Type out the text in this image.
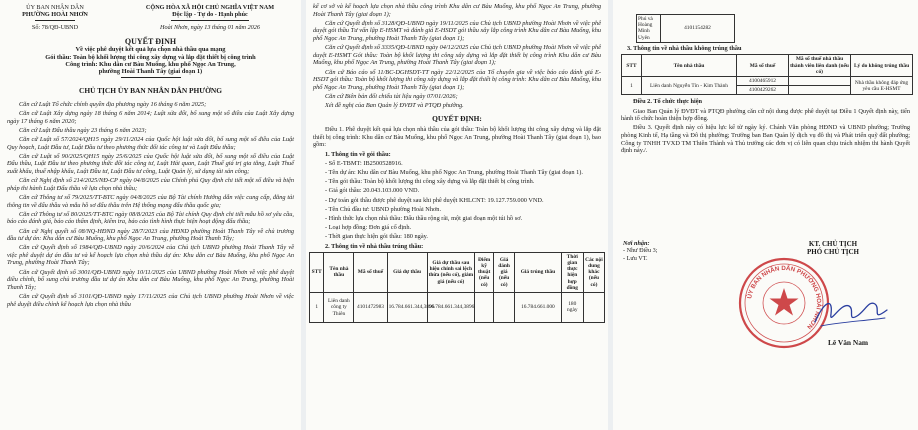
ỦY BAN NHÂN DÂN
PHƯỜNG HOÀI NHƠN
Số: 78/QĐ-UBND
CỘNG HÒA XÃ HỘI CHỦ NGHĨA VIỆT NAM
Độc lập - Tự do - Hạnh phúc
Hoài Nhơn, ngày 13 tháng 01 năm 2026
QUYẾT ĐỊNH
Về việc phê duyệt kết quả lựa chọn nhà thầu qua mạng
Gói thầu: Toàn bộ khối lượng thi công xây dựng và lắp đặt thiết bị công trình
Công trình: Khu dân cư Bàu Muống, khu phố Ngọc An Trung,
phường Hoài Thanh Tây (giai đoạn 1)
CHỦ TỊCH ỦY BAN NHÂN DÂN PHƯỜNG

Căn cứ Luật Tổ chức chính quyền địa phương ngày 16 tháng 6 năm 2025;

Căn cứ Luật Xây dựng ngày 18 tháng 6 năm 2014; Luật sửa đổi, bổ sung một số điều của Luật Xây dựng ngày 17 tháng 6 năm 2020;

Căn cứ Luật Đấu thầu ngày 23 tháng 6 năm 2023;

Căn cứ Luật số 57/2024/QH15 ngày 29/11/2024 của Quốc hội luật sửa đổi, bổ sung một số điều của Luật Quy hoạch, Luật Đầu tư, Luật Đầu tư theo phương thức đối tác công tư và Luật Đấu thầu;

Căn cứ Luật số 90/2025/QH15 ngày 25/6/2025 của Quốc hội luật sửa đổi, bổ sung một số điều của Luật Đấu thầu, Luật Đầu tư theo phương thức đối tác công tư, Luật Hải quan, Luật Thuế giá trị gia tăng, Luật Thuế xuất khẩu, thuế nhập khẩu, Luật Đầu tư, Luật Đầu tư công, Luật Quản lý, sử dụng tài sản công;

Căn cứ Nghị định số 214/2025/NĐ-CP ngày 04/8/2025 của Chính phủ Quy định chi tiết một số điều và biện pháp thi hành Luật Đấu thầu về lựa chọn nhà thầu;

Căn cứ Thông tư số 79/2025/TT-BTC ngày 04/8/2025 của Bộ Tài chính Hướng dẫn việc cung cấp, đăng tải thông tin về đấu thầu và mẫu hồ sơ đấu thầu trên Hệ thống mạng đấu thầu quốc gia;

Căn cứ Thông tư số 80/2025/TT-BTC ngày 08/8/2025 của Bộ Tài chính Quy định chi tiết mẫu hồ sơ yêu cầu, báo cáo đánh giá, báo cáo thẩm định, kiểm tra, báo cáo tình hình thực hiện hoạt động đấu thầu;

Căn cứ Nghị quyết số 08/NQ-HĐND ngày 28/7/2023 của HĐND phường Hoài Thanh Tây về chủ trương đầu tư dự án: Khu dân cư Bàu Muống, khu phố Ngọc An Trung, phường Hoài Thanh Tây;

Căn cứ Quyết định số 1984/QĐ-UBND ngày 20/6/2024 của Chủ tịch UBND phường Hoài Thanh Tây về việc phê duyệt dự án đầu tư và kế hoạch lựa chọn nhà thầu dự án: Khu dân cư Bàu Muống, khu phố Ngọc An Trung, phường Hoài Thanh Tây;

Căn cứ Quyết định số 3001/QĐ-UBND ngày 10/11/2025 của UBND phường Hoài Nhơn về việc phê duyệt điều chỉnh, bổ sung chủ trương đầu tư dự án Khu dân cư Bàu Muống, khu phố Ngọc An Trung, phường Hoài Thanh Tây;

Căn cứ Quyết định số 3101/QĐ-UBND ngày 17/11/2025 của Chủ tịch UBND phường Hoài Nhơn về việc phê duyệt điều chỉnh kế hoạch lựa chọn nhà thầu

kế cơ sở và kế hoạch lựa chọn nhà thầu công trình Khu dân cư Bàu Muống, khu phố Ngọc An Trung, phường Hoài Thanh Tây (giai đoạn 1);

Căn cứ Quyết định số 3128/QĐ-UBND ngày 19/11/2025 của Chủ tịch UBND phường Hoài Nhơn về việc phê duyệt gói thầu Tư vấn lập E-HSMT và đánh giá E-HSDT gói thầu xây lắp công trình Khu dân cư Bàu Muống, khu phố Ngọc An Trung, phường Hoài Thanh Tây (giai đoạn 1);

Căn cứ Quyết định số 3335/QĐ-UBND ngày 04/12/2025 của Chủ tịch UBND phường Hoài Nhơn về việc phê duyệt E-HSMT Gói thầu: Toàn bộ khối lượng thi công xây dựng và lắp đặt thiết bị công trình Khu dân cư Bàu Muống, khu phố Ngọc An Trung, phường Hoài Thanh Tây (giai đoạn 1);

Căn cứ Báo cáo số 11/BC-DGHSDT-TT ngày 22/12/2025 của Tổ chuyên gia về việc báo cáo đánh giá E-HSDT gói thầu: Toàn bộ khối lượng thi công xây dựng và lắp đặt thiết bị công trình: Khu dân cư Bàu Muống, khu phố Ngọc An Trung, phường Hoài Thanh Tây (giai đoạn 1);

Căn cứ Biên bản đối chiếu tài liệu ngày 07/01/2026;

Xét đề nghị của Ban Quản lý ĐVĐT và PTQĐ phường.

QUYẾT ĐỊNH:

Điều 1. Phê duyệt kết quả lựa chọn nhà thầu của gói thầu: Toàn bộ khối lượng thi công xây dựng và lắp đặt thiết bị công trình: Khu dân cư Bàu Muống, khu phố Ngọc An Trung, phường Hoài Thanh Tây (giai đoạn 1), bao gồm:

1. Thông tin về gói thầu:

- Số E-TBMT: IB2500528916.

- Tên dự án: Khu dân cư Bàu Muống, khu phố Ngọc An Trung, phường Hoài Thanh Tây (giai đoạn 1).

- Tên gói thầu: Toàn bộ khối lượng thi công xây dựng và lắp đặt thiết bị công trình.

- Giá gói thầu: 20.043.103.000 VND.

- Dự toán gói thầu được phê duyệt sau khi phê duyệt KHLCNT: 19.127.759.000 VND.

- Tên Chủ đầu tư: UBND phường Hoài Nhơn.

- Hình thức lựa chọn nhà thầu: Đấu thầu rộng rãi, một giai đoạn một túi hồ sơ.

- Loại hợp đồng: Đơn giá cố định.

- Thời gian thực hiện gói thầu: 180 ngày.

2. Thông tin về nhà thầu trúng thầu:

STT	Tên nhà thầu	Mã số thuế	Giá dự thầu	Giá dự thầu sau hiệu chỉnh sai lệch thừa (nếu có), giảm giá (nếu có)	Điểm kỹ thuật (nếu có)	Giá đánh giá (nếu có)	Giá trúng thầu	Thời gian thực hiện hợp đồng	Các nội dung khác (nếu có)
1	Liên danh công ty Thiên	4101472983	16.784.661.344,3896	16.784.661.344,3896			16.784.661.000	180 ngày	
Phú và Hoàng Minh Uyên	4101154282
3. Thông tin về nhà thầu không trúng thầu
STT	Tên nhà thầu	Mã số thuế	Mã số thuế nhà thầu thành viên liên danh (nếu có)	Lý do không trúng thầu
1	Liên danh Nguyễn Tín - Kim Thành	4100465912		Nhà thầu không đáp ứng yêu cầu E-HSMT
		4100429262		

Điều 2. Tổ chức thực hiện

Giao Ban Quản lý ĐVĐT và PTQĐ phường căn cứ nội dung được phê duyệt tại Điều 1 Quyết định này, tiến hành tổ chức hoàn thiện hợp đồng.

Điều 3. Quyết định này có hiệu lực kể từ ngày ký. Chánh Văn phòng HĐND và UBND phường; Trưởng phòng Kinh tế, Hạ tầng và Đô thị phường; Trưởng ban Ban Quản lý dịch vụ đô thị và Phát triển quỹ đất phường; Công ty TNHH TVXD TM Thiên Thành và Thủ trưởng các đơn vị có liên quan chịu trách nhiệm thi hành Quyết định này./.

Nơi nhận:
- Như Điều 3;
- Lưu VT.
KT. CHỦ TỊCH
PHÓ CHỦ TỊCH
ỦY BAN NHÂN DÂN PHƯỜNG HOÀI NHƠN
Lê Văn Nam
